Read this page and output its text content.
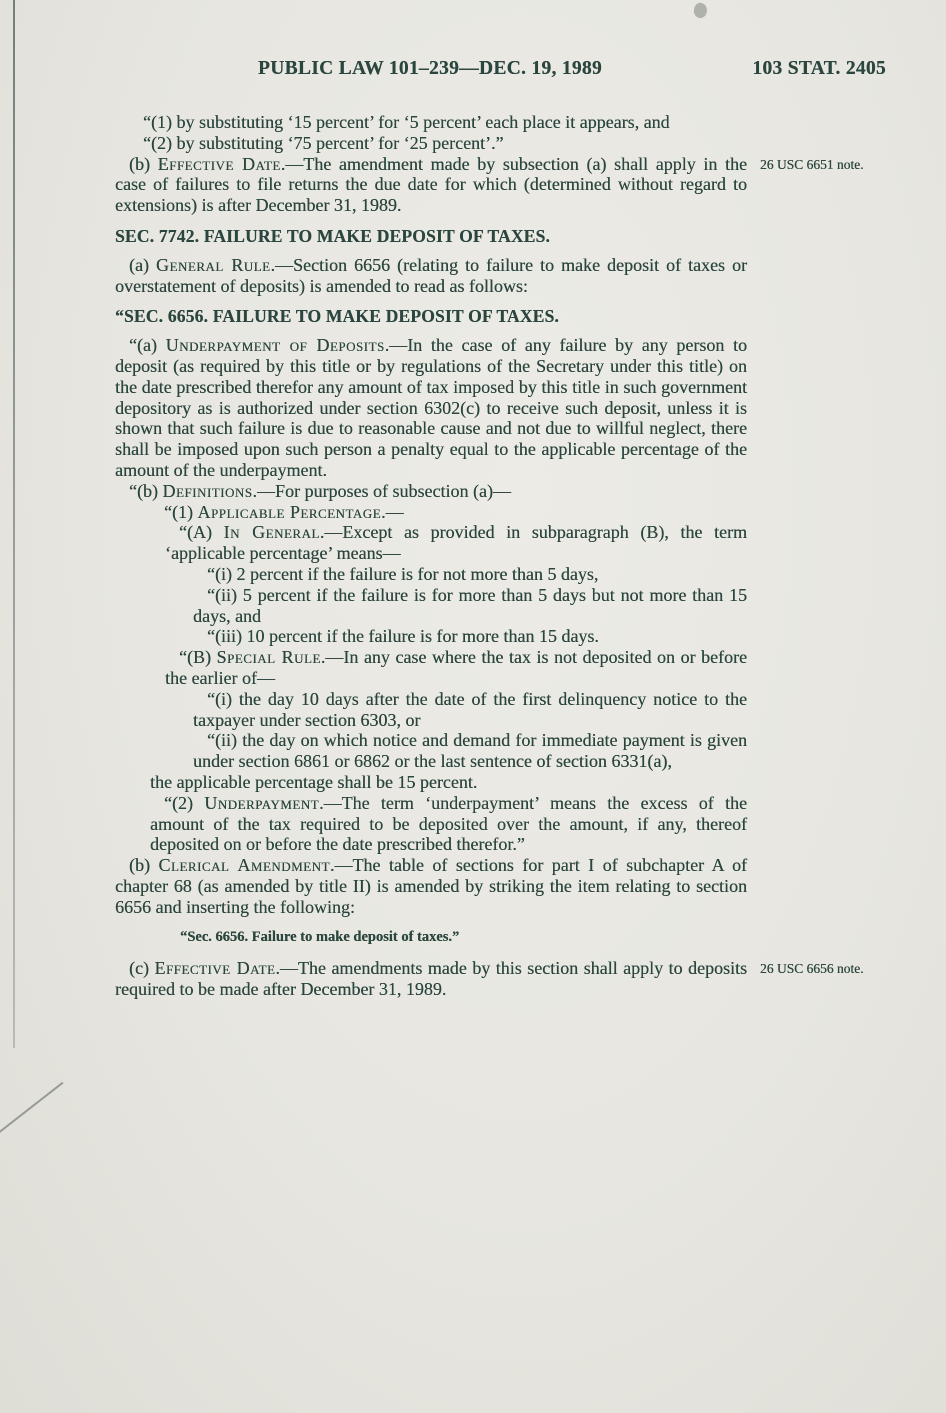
PUBLIC LAW 101–239—DEC. 19, 1989	103 STAT. 2405

“(1) by substituting ‘15 percent’ for ‘5 percent’ each place it appears, and

“(2) by substituting ‘75 percent’ for ‘25 percent’.”

(b) Effective Date.—The amendment made by subsection (a) shall apply in the case of failures to file returns the due date for which (determined without regard to extensions) is after December 31, 1989.
26 USC 6651 note.

SEC. 7742. FAILURE TO MAKE DEPOSIT OF TAXES.

(a) General Rule.—Section 6656 (relating to failure to make deposit of taxes or overstatement of deposits) is amended to read as follows:

“SEC. 6656. FAILURE TO MAKE DEPOSIT OF TAXES.

“(a) Underpayment of Deposits.—In the case of any failure by any person to deposit (as required by this title or by regulations of the Secretary under this title) on the date prescribed therefor any amount of tax imposed by this title in such government depository as is authorized under section 6302(c) to receive such deposit, unless it is shown that such failure is due to reasonable cause and not due to willful neglect, there shall be imposed upon such person a penalty equal to the applicable percentage of the amount of the underpayment.

“(b) Definitions.—For purposes of subsection (a)—

“(1) Applicable Percentage.—

“(A) In General.—Except as provided in subparagraph (B), the term ‘applicable percentage’ means—

“(i) 2 percent if the failure is for not more than 5 days,

“(ii) 5 percent if the failure is for more than 5 days but not more than 15 days, and

“(iii) 10 percent if the failure is for more than 15 days.

“(B) Special Rule.—In any case where the tax is not deposited on or before the earlier of—

“(i) the day 10 days after the date of the first delinquency notice to the taxpayer under section 6303, or

“(ii) the day on which notice and demand for immediate payment is given under section 6861 or 6862 or the last sentence of section 6331(a),

the applicable percentage shall be 15 percent.

“(2) Underpayment.—The term ‘underpayment’ means the excess of the amount of the tax required to be deposited over the amount, if any, thereof deposited on or before the date prescribed therefor.”

(b) Clerical Amendment.—The table of sections for part I of subchapter A of chapter 68 (as amended by title II) is amended by striking the item relating to section 6656 and inserting the following:

“Sec. 6656. Failure to make deposit of taxes.”

(c) Effective Date.—The amendments made by this section shall apply to deposits required to be made after December 31, 1989.
26 USC 6656 note.
